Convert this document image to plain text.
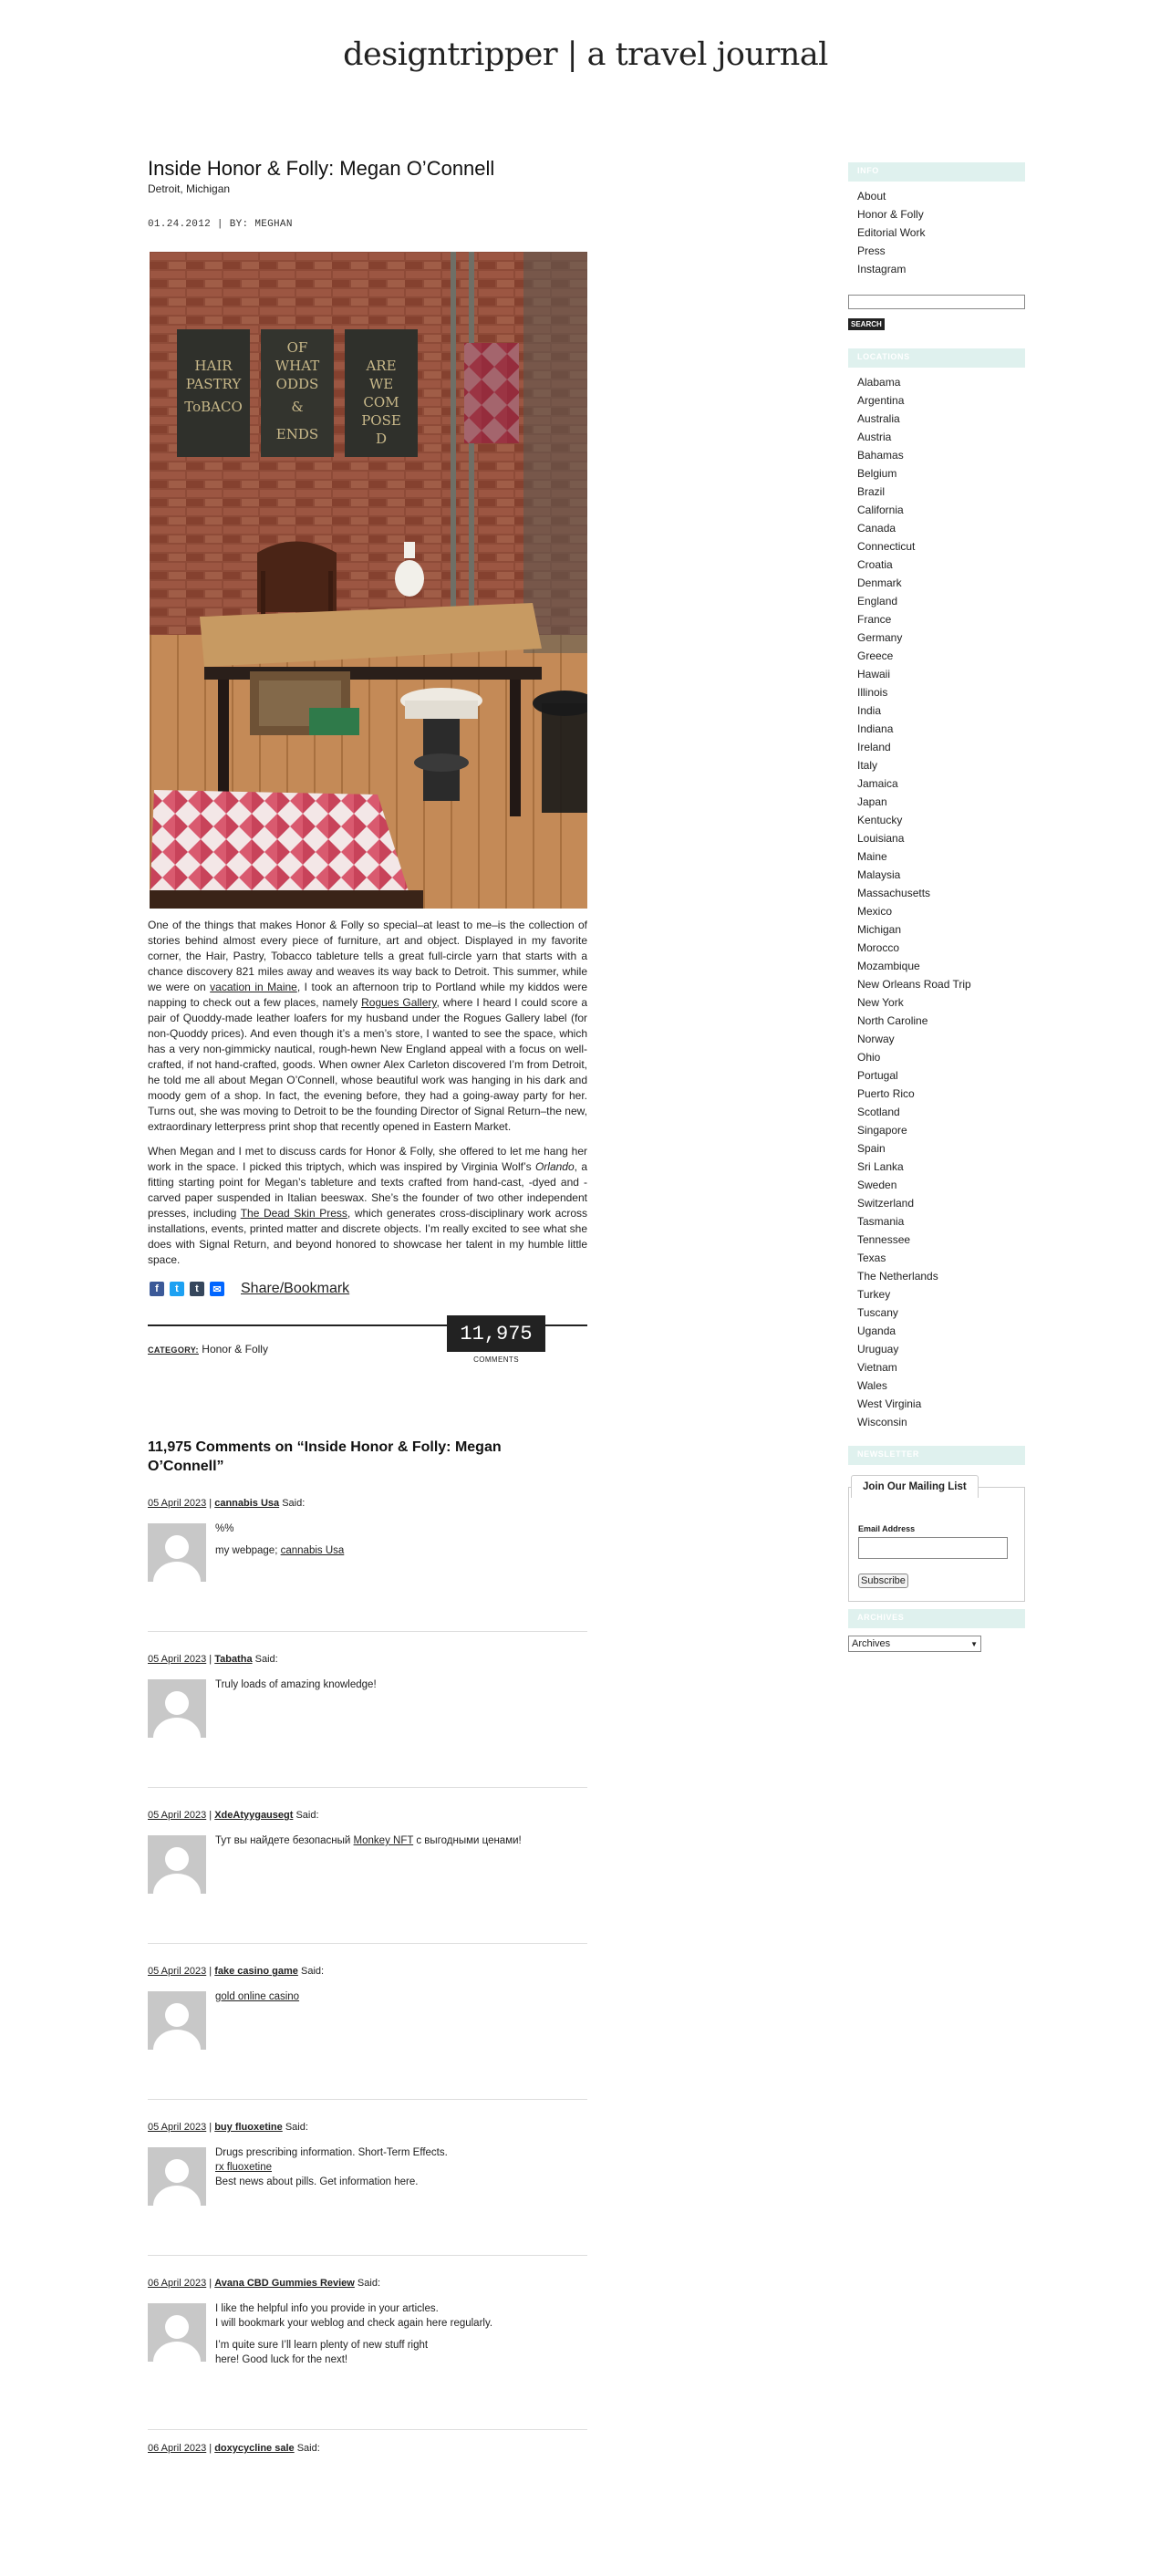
designtripper | a travel journal
Inside Honor & Folly: Megan O’Connell
Detroit, Michigan
01.24.2012 | BY: MEGHAN
HAIR
PASTRY
ToBACO
OF
WHAT
ODDS
&
ENDS
ARE
WE
COM
POSE
D

One of the things that makes Honor & Folly so special–at least to me–is the collection of stories behind almost every piece of furniture, art and object. Displayed in my favorite corner, the Hair, Pastry, Tobacco tableture tells a great full-circle yarn that starts with a chance discovery 821 miles away and weaves its way back to Detroit. This summer, while we were on vacation in Maine, I took an afternoon trip to Portland while my kiddos were napping to check out a few places, namely Rogues Gallery, where I heard I could score a pair of Quoddy-made leather loafers for my husband under the Rogues Gallery label (for non-Quoddy prices). And even though it’s a men’s store, I wanted to see the space, which has a very non-gimmicky nautical, rough-hewn New England appeal with a focus on well-crafted, if not hand-crafted, goods. When owner Alex Carleton discovered I’m from Detroit, he told me all about Megan O’Connell, whose beautiful work was hanging in his dark and moody gem of a shop. In fact, the evening before, they had a going-away party for her. Turns out, she was moving to Detroit to be the founding Director of Signal Return–the new, extraordinary letterpress print shop that recently opened in Eastern Market.

When Megan and I met to discuss cards for Honor & Folly, she offered to let me hang her work in the space. I picked this triptych, which was inspired by Virginia Wolf’s Orlando, a fitting starting point for Megan’s tableture and texts crafted from hand-cast, -dyed and -carved paper suspended in Italian beeswax. She’s the founder of two other independent presses, including The Dead Skin Press, which generates cross-disciplinary work across installations, events, printed matter and discrete objects. I’m really excited to see what she does with Signal Return, and beyond honored to showcase her talent in my humble little space.

f	t	t	✉ Share/Bookmark
CATEGORY: Honor & Folly
11,975
COMMENTS
11,975 Comments on “Inside Honor & Folly: Megan O’Connell”
05 April 2023 | cannabis Usa Said:

%%

my webpage; cannabis Usa

05 April 2023 | Tabatha Said:

Truly loads of amazing knowledge!

05 April 2023 | XdeAtyygausegt Said:

Тут вы найдете безопасный Monkey NFT с выгодными ценами!

05 April 2023 | fake casino game Said:

gold online casino

05 April 2023 | buy fluoxetine Said:
Drugs prescribing information. Short-Term Effects.
rx fluoxetine
Best news about pills. Get information here.
06 April 2023 | Avana CBD Gummies Review Said:
I like the helpful info you provide in your articles.
I will bookmark your weblog and check again here regularly.
I’m quite sure I’ll learn plenty of new stuff right
here! Good luck for the next!
06 April 2023 | doxycycline sale Said:
INFO
About
Honor & Folly
Editorial Work
Press
Instagram
SEARCH
LOCATIONS
Alabama
Argentina
Australia
Austria
Bahamas
Belgium
Brazil
California
Canada
Connecticut
Croatia
Denmark
England
France
Germany
Greece
Hawaii
Illinois
India
Indiana
Ireland
Italy
Jamaica
Japan
Kentucky
Louisiana
Maine
Malaysia
Massachusetts
Mexico
Michigan
Morocco
Mozambique
New Orleans Road Trip
New York
North Caroline
Norway
Ohio
Portugal
Puerto Rico
Scotland
Singapore
Spain
Sri Lanka
Sweden
Switzerland
Tasmania
Tennessee
Texas
The Netherlands
Turkey
Tuscany
Uganda
Uruguay
Vietnam
Wales
West Virginia
Wisconsin
NEWSLETTER
Join Our Mailing List
Email Address
Subscribe
ARCHIVES
Archives	▼
